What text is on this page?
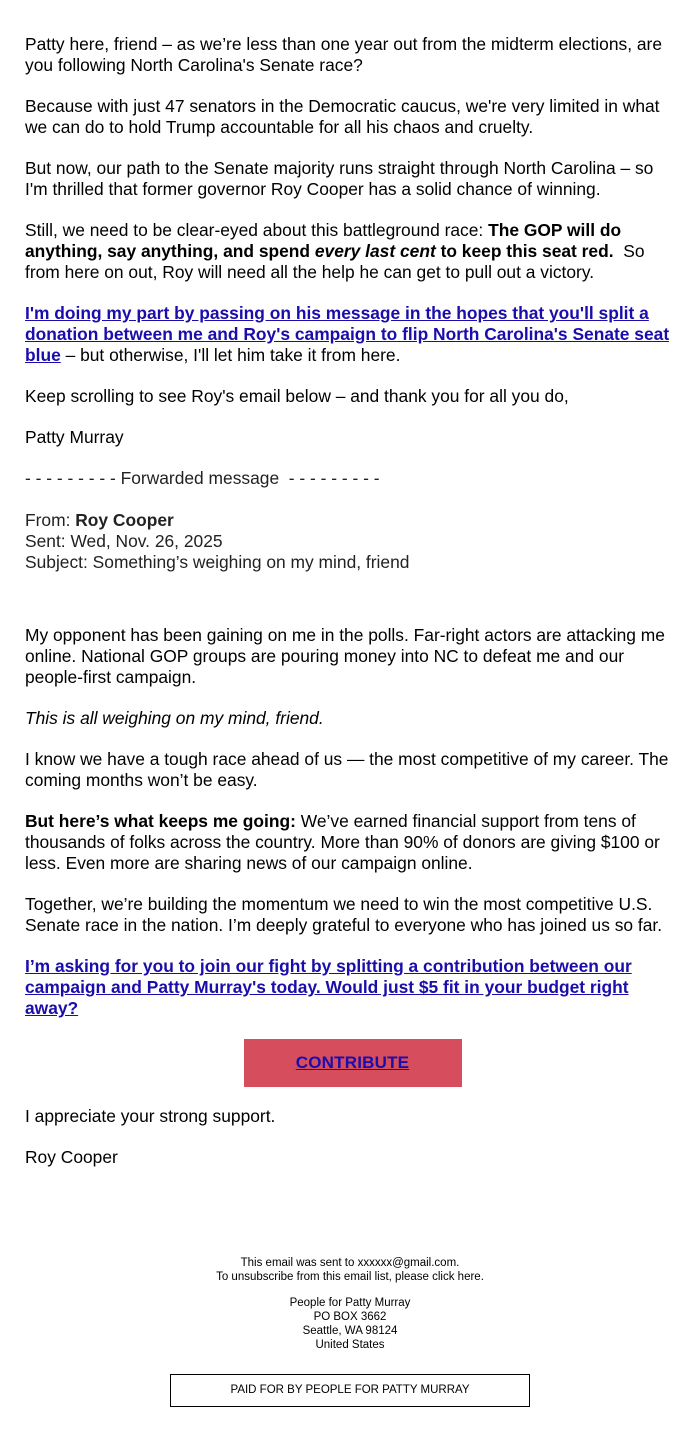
Patty here, friend – as we’re less than one year out from the midterm elections, are you following North Carolina's Senate race?

Because with just 47 senators in the Democratic caucus, we're very limited in what we can do to hold Trump accountable for all his chaos and cruelty.

But now, our path to the Senate majority runs straight through North Carolina – so I'm thrilled that former governor Roy Cooper has a solid chance of winning.

Still, we need to be clear-eyed about this battleground race: The GOP will do anything, say anything, and spend every last cent to keep this seat red.  So from here on out, Roy will need all the help he can get to pull out a victory.

I'm doing my part by passing on his message in the hopes that you'll split a donation between me and Roy's campaign to flip North Carolina's Senate seat blue – but otherwise, I'll let him take it from here.

Keep scrolling to see Roy's email below – and thank you for all you do,

Patty Murray

- - - - - - - - - Forwarded message  - - - - - - - - -

From: Roy Cooper
Sent: Wed, Nov. 26, 2025
Subject: Something’s weighing on my mind, friend

My opponent has been gaining on me in the polls. Far-right actors are attacking me online. National GOP groups are pouring money into NC to defeat me and our people-first campaign.

This is all weighing on my mind, friend.

I know we have a tough race ahead of us — the most competitive of my career. The coming months won’t be easy.

But here’s what keeps me going: We’ve earned financial support from tens of thousands of folks across the country. More than 90% of donors are giving $100 or less. Even more are sharing news of our campaign online.

Together, we’re building the momentum we need to win the most competitive U.S. Senate race in the nation. I’m deeply grateful to everyone who has joined us so far.

I’m asking for you to join our fight by splitting a contribution between our campaign and Patty Murray's today. Would just $5 fit in your budget right away?

CONTRIBUTE

I appreciate your strong support.

Roy Cooper

This email was sent to xxxxxx@gmail.com.
To unsubscribe from this email list, please click here.
People for Patty Murray
PO BOX 3662
Seattle, WA 98124
United States
PAID FOR BY PEOPLE FOR PATTY MURRAY
